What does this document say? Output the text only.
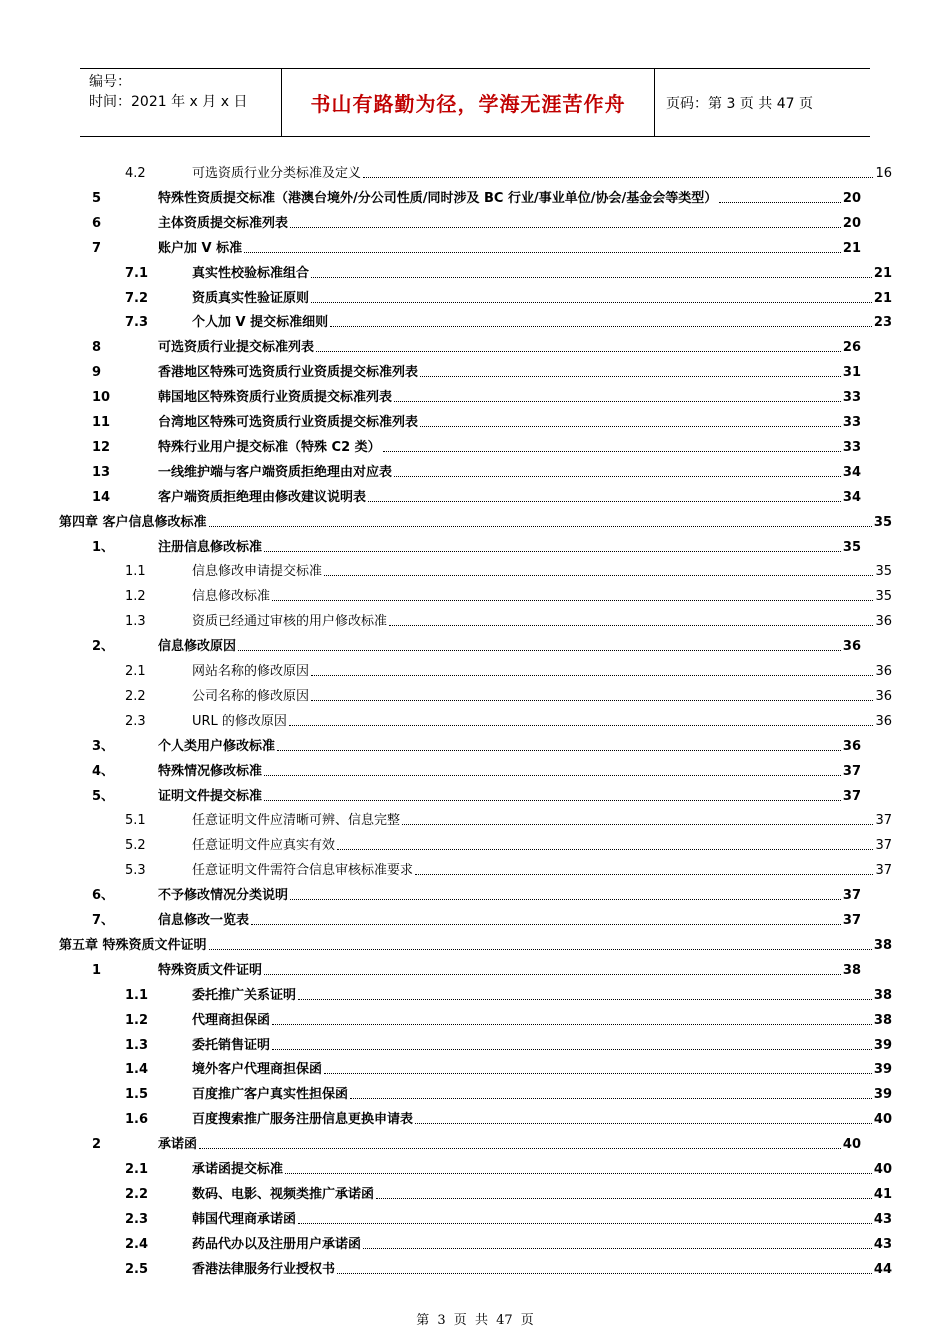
编号：
时间：2021 年 x 月 x 日	书山有路勤为径，学海无涯苦作舟	页码：第 3 页 共 47 页
4.2	可选资质行业分类标准及定义	16
5	特殊性资质提交标准（港澳台境外/分公司性质/同时涉及 BC 行业/事业单位/协会/基金会等类型）	20
6	主体资质提交标准列表	20
7	账户加 V 标准	21
7.1	真实性校验标准组合	21
7.2	资质真实性验证原则	21
7.3	个人加 V 提交标准细则	23
8	可选资质行业提交标准列表	26
9	香港地区特殊可选资质行业资质提交标准列表	31
10	韩国地区特殊资质行业资质提交标准列表	33
11	台湾地区特殊可选资质行业资质提交标准列表	33
12	特殊行业用户提交标准（特殊 C2 类）	33
13	一线维护端与客户端资质拒绝理由对应表	34
14	客户端资质拒绝理由修改建议说明表	34
第四章 客户信息修改标准	35
1、	注册信息修改标准	35
1.1	信息修改申请提交标准	35
1.2	信息修改标准	35
1.3	资质已经通过审核的用户修改标准	36
2、	信息修改原因	36
2.1	网站名称的修改原因	36
2.2	公司名称的修改原因	36
2.3	URL 的修改原因	36
3、	个人类用户修改标准	36
4、	特殊情况修改标准	37
5、	证明文件提交标准	37
5.1	任意证明文件应清晰可辨、信息完整	37
5.2	任意证明文件应真实有效	37
5.3	任意证明文件需符合信息审核标准要求	37
6、	不予修改情况分类说明	37
7、	信息修改一览表	37
第五章 特殊资质文件证明	38
1	特殊资质文件证明	38
1.1	委托推广关系证明	38
1.2	代理商担保函	38
1.3	委托销售证明	39
1.4	境外客户代理商担保函	39
1.5	百度推广客户真实性担保函	39
1.6	百度搜索推广服务注册信息更换申请表	40
2	承诺函	40
2.1	承诺函提交标准	40
2.2	数码、电影、视频类推广承诺函	41
2.3	韩国代理商承诺函	43
2.4	药品代办以及注册用户承诺函	43
2.5	香港法律服务行业授权书	44
第 3 页 共 47 页
